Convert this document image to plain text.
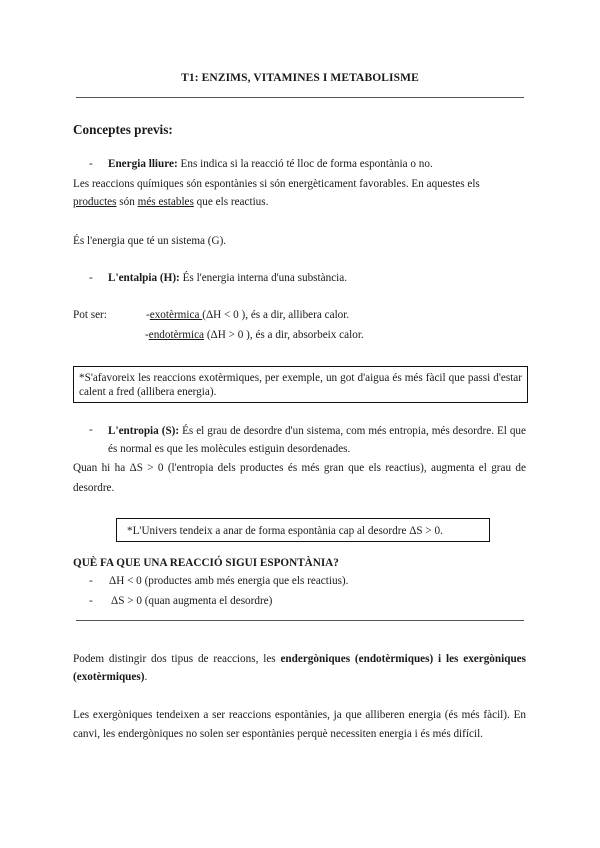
T1: ENZIMS, VITAMINES I METABOLISME
Conceptes previs:
- Energia lliure: Ens indica si la reacció té lloc de forma espontània o no.
Les reaccions químiques són espontànies si són energèticament favorables. En aquestes els
productes són més estables que els reactius.
És l'energia que té un sistema (G).
- L'entalpia (H): És l'energia interna d'una substància.
Pot ser:	-exotèrmica (ΔH < 0 ), és a dir, allibera calor.
-endotèrmica (ΔH > 0 ), és a dir, absorbeix calor.
*S'afavoreix les reaccions exotèrmiques, per exemple, un got d'aigua és més fàcil que passi d'estar calent a fred (allibera energia).
- L'entropia (S): És el grau de desordre d'un sistema, com més entropia, més desordre. El que és normal es que les molècules estiguin desordenades.
Quan hi ha ΔS > 0 (l'entropia dels productes és més gran que els reactius), augmenta el grau de desordre.
*L'Univers tendeix a anar de forma espontània cap al desordre ΔS > 0.
QUÈ FA QUE UNA REACCIÓ SIGUI ESPONTÀNIA?
- ΔH < 0 (productes amb més energia que els reactius).
- ΔS > 0 (quan augmenta el desordre)
Podem distingir dos tipus de reaccions, les endergòniques (endotèrmiques) i les exergòniques (exotèrmiques).
Les exergòniques tendeixen a ser reaccions espontànies, ja que alliberen energia (és més fàcil). En canvi, les endergòniques no solen ser espontànies perquè necessiten energia i és més difícil.
